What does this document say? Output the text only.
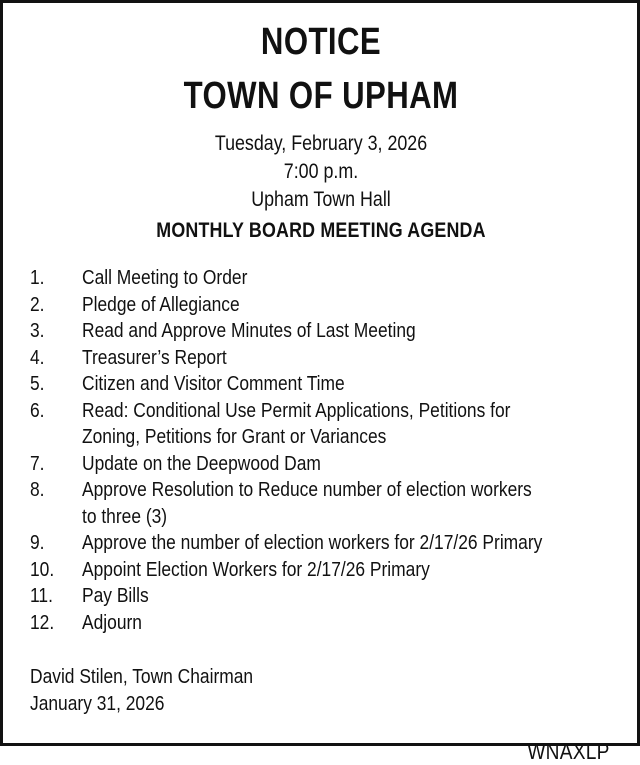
NOTICE
TOWN OF UPHAM
Tuesday, February 3, 2026
7:00 p.m.
Upham Town Hall
MONTHLY BOARD MEETING AGENDA
1.	Call Meeting to Order
2.	Pledge of Allegiance
3.	Read and Approve Minutes of Last Meeting
4.	Treasurer’s Report
5.	Citizen and Visitor Comment Time
6.	Read: Conditional Use Permit Applications, Petitions for Zoning, Petitions for Grant or Variances
7.	Update on the Deepwood Dam
8.	Approve Resolution to Reduce number of election workers to three (3)
9.	Approve the number of election workers for 2/17/26 Primary
10.	Appoint Election Workers for 2/17/26 Primary
11.	Pay Bills
12.	Adjourn
David Stilen, Town Chairman
January 31, 2026
WNAXLP
